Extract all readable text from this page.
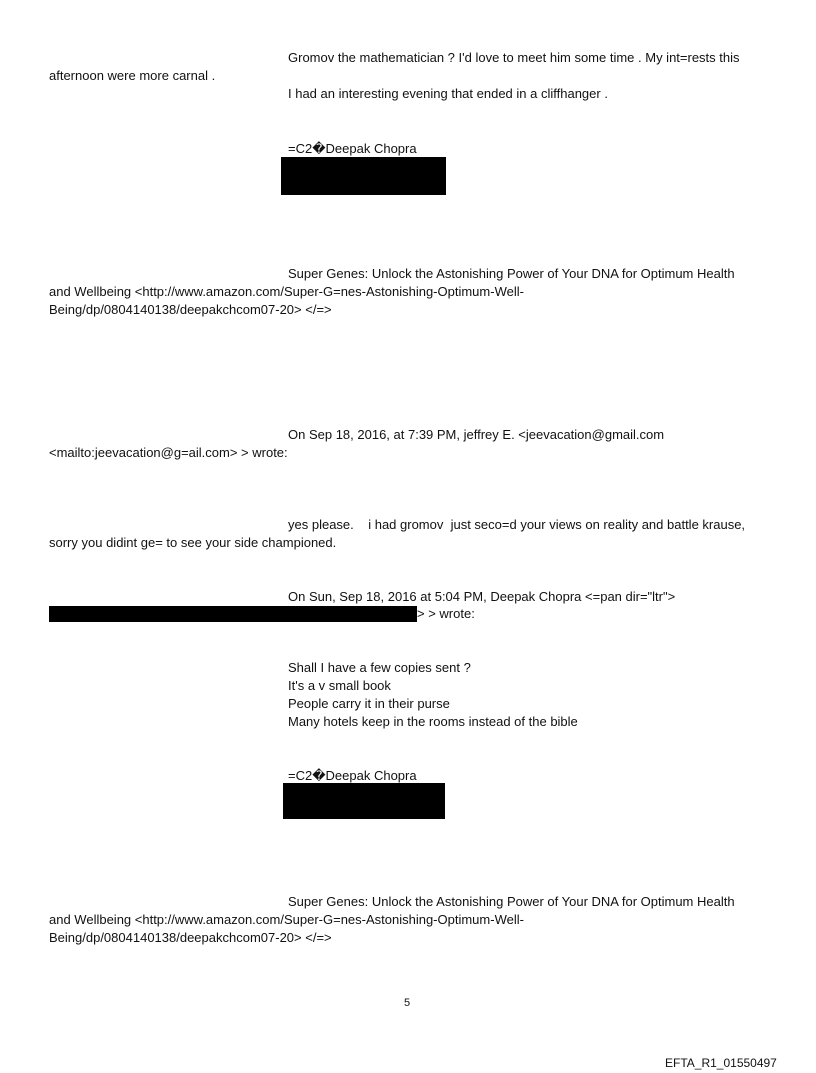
Gromov the mathematician ? I'd love to meet him some time . My int=rests this
afternoon were more carnal .
I had an interesting evening that ended in a cliffhanger .
=C2�Deepak Chopra
Super Genes: Unlock the Astonishing Power of Your DNA for Optimum Health
and Wellbeing <http://www.amazon.com/Super-G=nes-Astonishing-Optimum-Well-
Being/dp/0804140138/deepakchcom07-20> </=>
On Sep 18, 2016, at 7:39 PM, jeffrey E. <jeevacation@gmail.com
<mailto:jeevacation@g=ail.com> > wrote:
yes please.    i had gromov  just seco=d your views on reality and battle krause,
sorry you didint ge= to see your side championed.
On Sun, Sep 18, 2016 at 5:04 PM, Deepak Chopra <=pan dir="ltr">
> > wrote:
Shall I have a few copies sent ?
It's a v small book
People carry it in their purse
Many hotels keep in the rooms instead of the bible
=C2�Deepak Chopra
Super Genes: Unlock the Astonishing Power of Your DNA for Optimum Health
and Wellbeing <http://www.amazon.com/Super-G=nes-Astonishing-Optimum-Well-
Being/dp/0804140138/deepakchcom07-20> </=>
5
EFTA_R1_01550497
